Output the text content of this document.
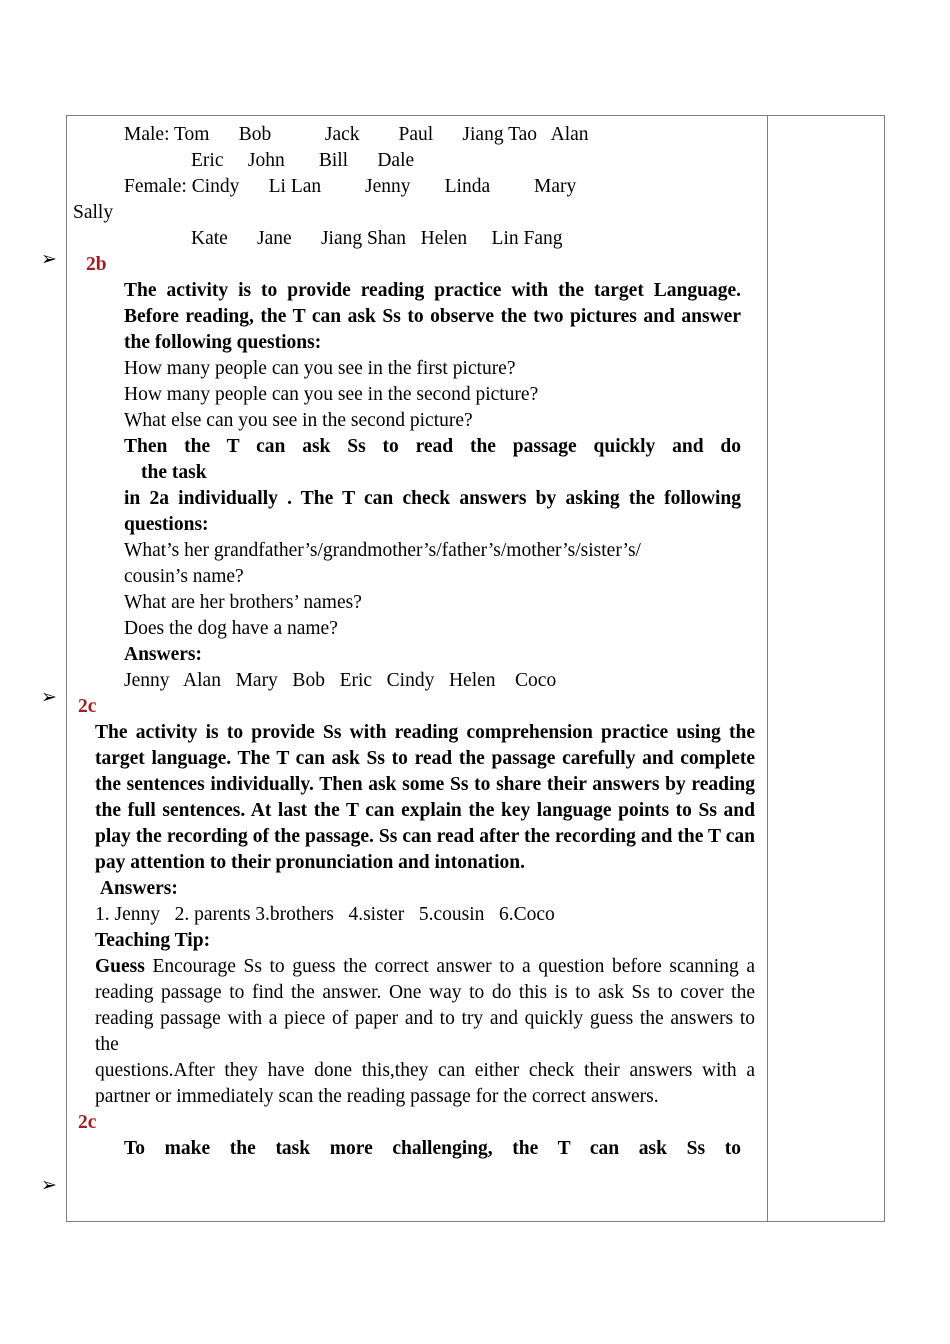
➢
➢
➢
Male: Tom      Bob           Jack        Paul      Jiang Tao   Alan
Eric     John       Bill      Dale
Female: Cindy      Li Lan         Jenny       Linda         Mary
Sally
Kate      Jane      Jiang Shan   Helen     Lin Fang
2b
The activity is to provide reading practice with the target Language. Before reading, the T can ask Ss to observe the two pictures and answer the following questions:
How many people can you see in the first picture?
How many people can you see in the second picture?
What else can you see in the second picture?
Then the T can ask Ss to read the passage quickly and do
the task
in 2a individually . The T can check answers by asking the following questions:
What’s her grandfather’s/grandmother’s/father’s/mother’s/sister’s/
cousin’s name?
What are her brothers’ names?
Does the dog have a name?
Answers:
Jenny   Alan   Mary   Bob   Eric   Cindy   Helen    Coco
2c
The activity is to provide Ss with reading comprehension practice using the target language. The T can ask Ss to read the passage carefully and complete the sentences individually. Then ask some Ss to share their answers by reading the full sentences. At last the T can explain the key language points to Ss and play the recording of the passage. Ss can read after the recording and the T can pay attention to their pronunciation and intonation.
Answers:
1. Jenny   2. parents 3.brothers   4.sister   5.cousin   6.Coco
Teaching Tip:
Guess Encourage Ss to guess the correct answer to a question before scanning a reading passage to find the answer. One way to do this is to ask Ss to cover the reading passage with a piece of paper and to try and quickly guess the answers to the
questions.After they have done this,they can either check their answers with a partner or immediately scan the reading passage for the correct answers.
2c
To make the task more challenging, the T can ask Ss to
